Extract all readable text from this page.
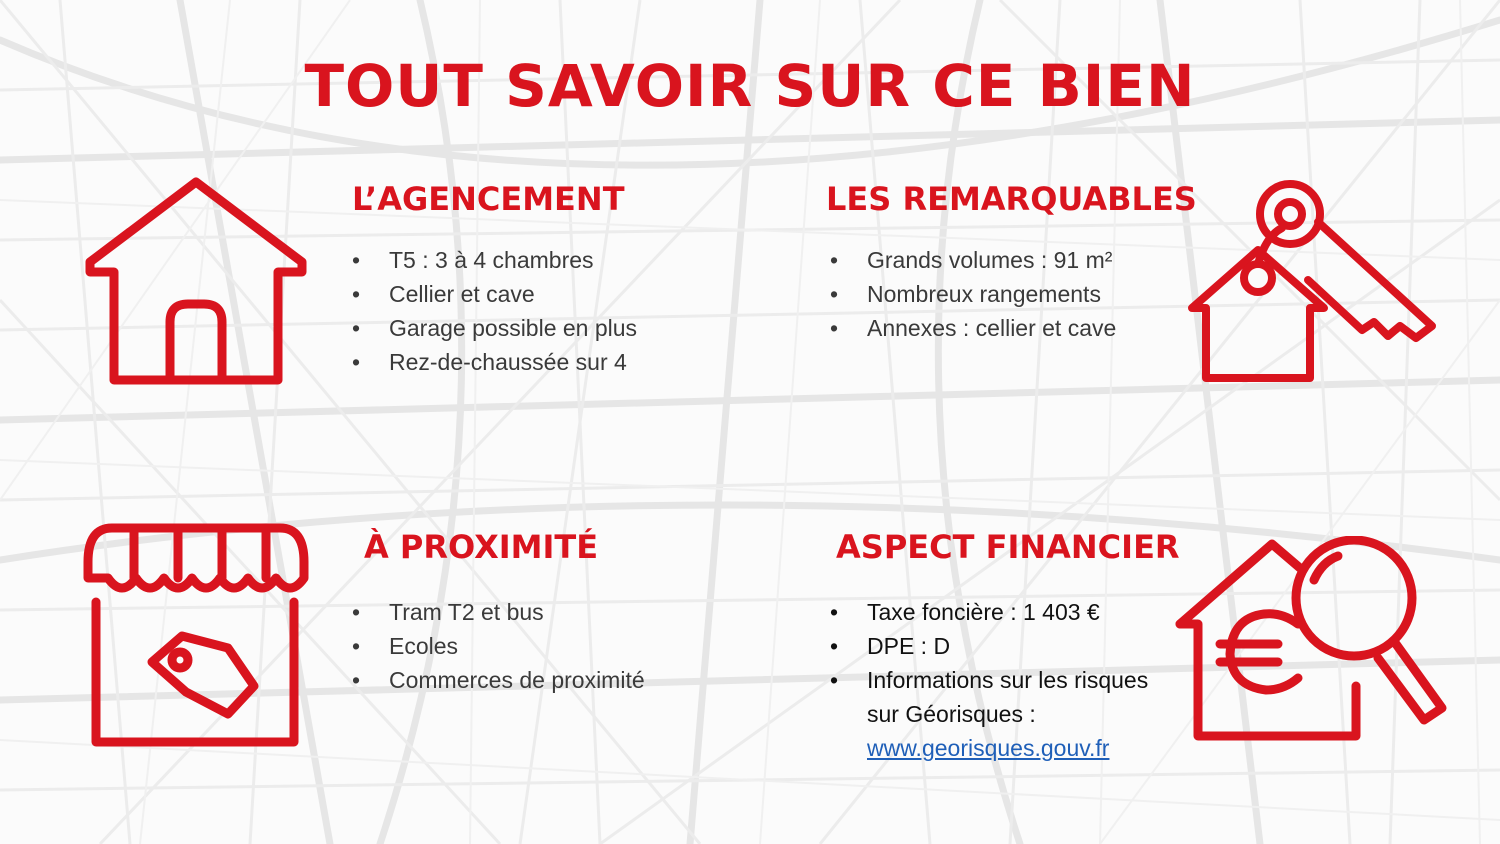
TOUT SAVOIR SUR CE BIEN
L’AGENCEMENT
• T5 : 3 à 4 chambres
• Cellier et cave
• Garage possible en plus
• Rez-de-chaussée sur 4
LES REMARQUABLES
• Grands volumes : 91 m²
• Nombreux rangements
• Annexes : cellier et cave
À PROXIMITÉ
• Tram T2 et bus
• Ecoles
• Commerces de proximité
ASPECT FINANCIER
• Taxe foncière : 1 403 €
• DPE : D
• Informations sur les risques
sur Géorisques :
www.georisques.gouv.fr
